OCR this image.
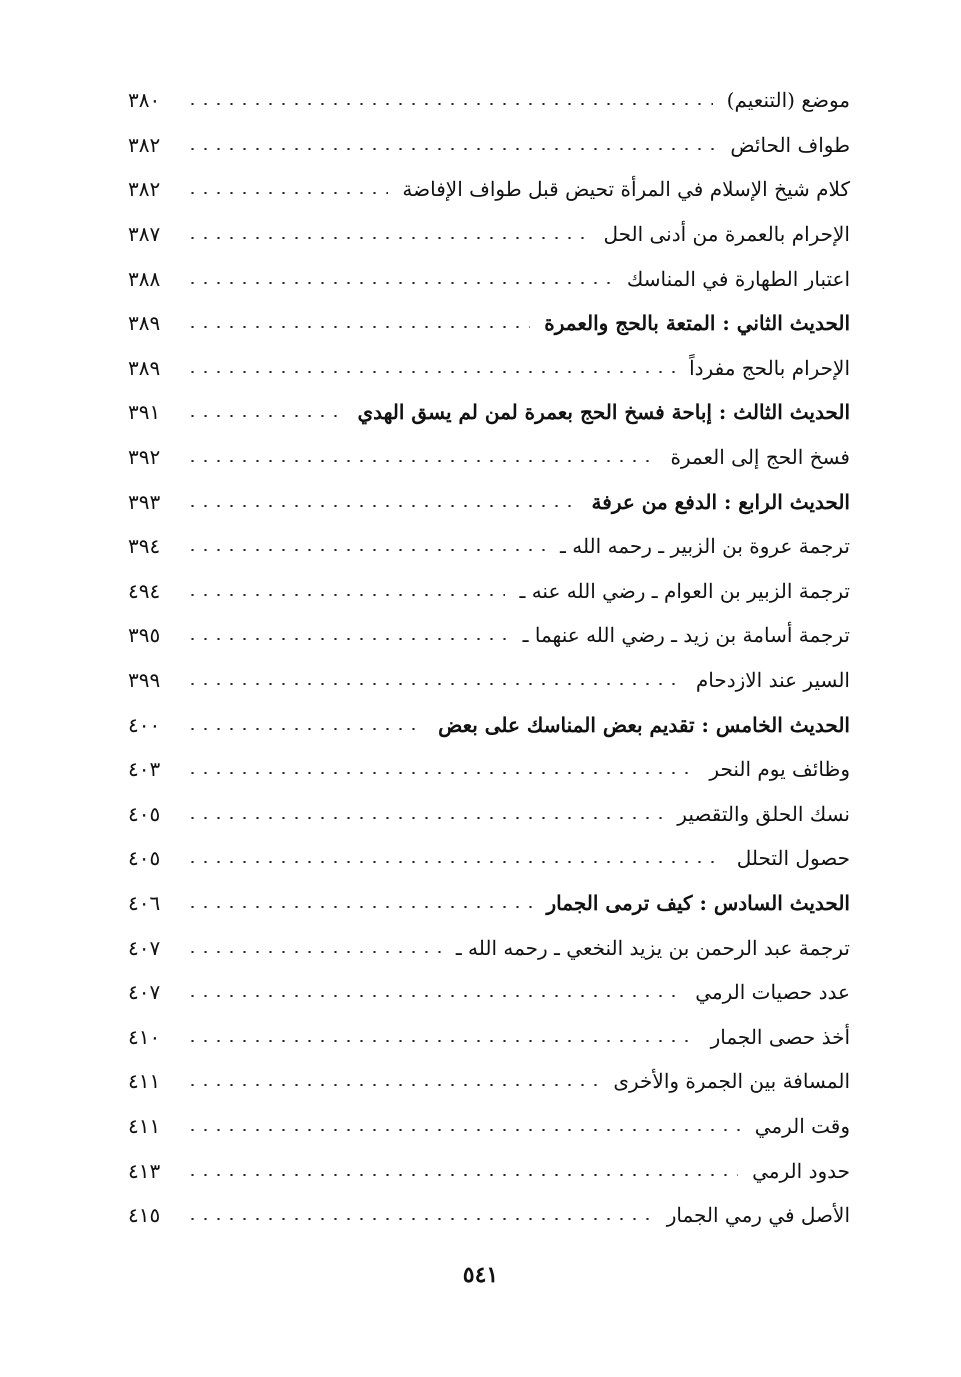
موضع (التنعيم)
٣٨٠
طواف الحائض
٣٨٢
كلام شيخ الإسلام في المرأة تحيض قبل طواف الإفاضة
٣٨٢
الإحرام بالعمرة من أدنى الحل
٣٨٧
اعتبار الطهارة في المناسك
٣٨٨
الحديث الثاني : المتعة بالحج والعمرة
٣٨٩
الإحرام بالحج مفرداً
٣٨٩
الحديث الثالث : إباحة فسخ الحج بعمرة لمن لم يسق الهدي
٣٩١
فسخ الحج إلى العمرة
٣٩٢
الحديث الرابع : الدفع من عرفة
٣٩٣
ترجمة عروة بن الزبير ـ رحمه الله ـ
٣٩٤
ترجمة الزبير بن العوام ـ رضي الله عنه ـ
٤٩٤
ترجمة أسامة بن زيد ـ رضي الله عنهما ـ
٣٩٥
السير عند الازدحام
٣٩٩
الحديث الخامس : تقديم بعض المناسك على بعض
٤٠٠
وظائف يوم النحر
٤٠٣
نسك الحلق والتقصير
٤٠٥
حصول التحلل
٤٠٥
الحديث السادس : كيف ترمى الجمار
٤٠٦
ترجمة عبد الرحمن بن يزيد النخعي ـ رحمه الله ـ
٤٠٧
عدد حصيات الرمي
٤٠٧
أخذ حصى الجمار
٤١٠
المسافة بين الجمرة والأخرى
٤١١
وقت الرمي
٤١١
حدود الرمي
٤١٣
الأصل في رمي الجمار
٤١٥
٥٤١
